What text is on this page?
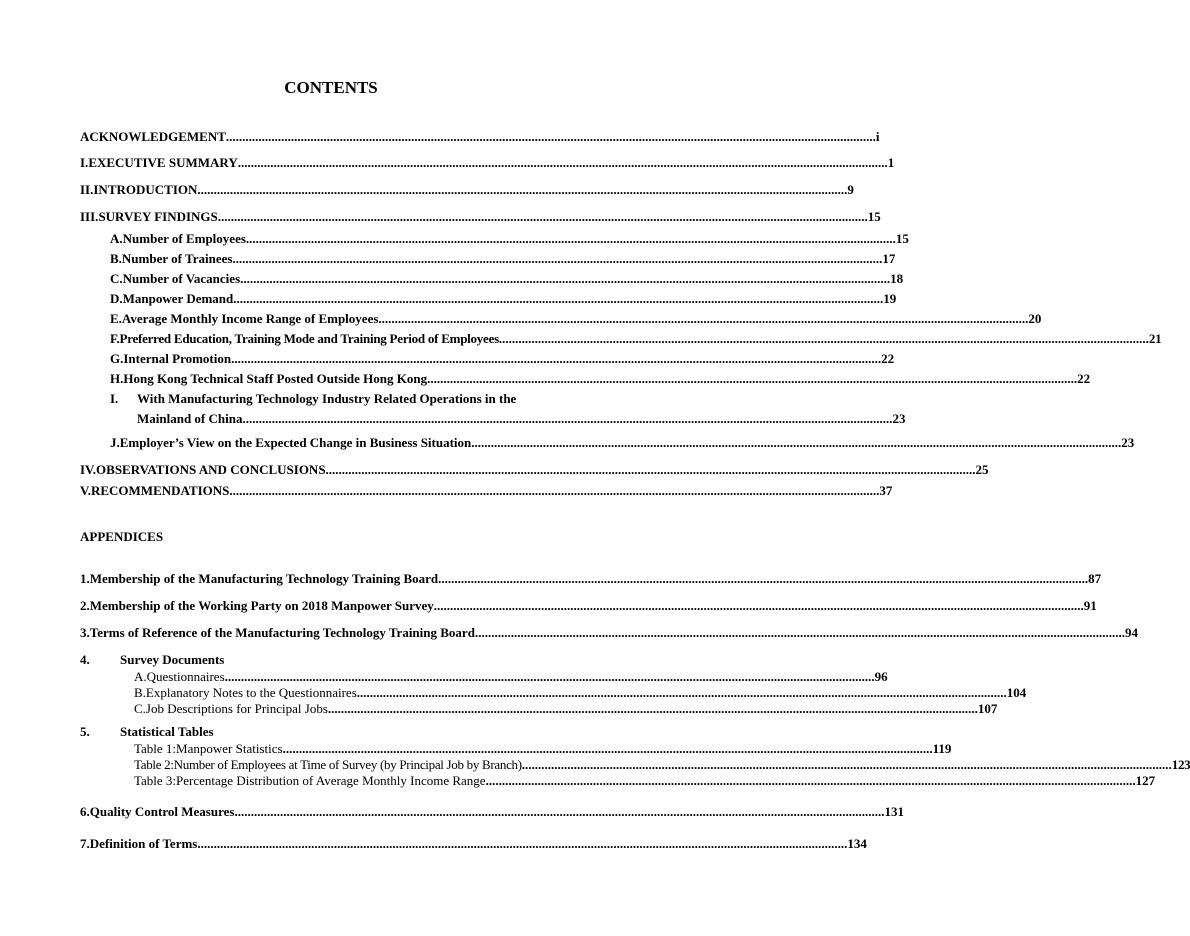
CONTENTS
ACKNOWLEDGEMENT ........................................................................................................................................................................................................ i
I. EXECUTIVE SUMMARY ........................................................................................................................................................................................................ 1
II. INTRODUCTION ........................................................................................................................................................................................................ 9
III. SURVEY FINDINGS ........................................................................................................................................................................................................ 15
A. Number of Employees ........................................................................................................................................................................................................ 15
B. Number of Trainees ........................................................................................................................................................................................................ 17
C. Number of Vacancies ........................................................................................................................................................................................................ 18
D. Manpower Demand ........................................................................................................................................................................................................ 19
E. Average Monthly Income Range of Employees ........................................................................................................................................................................................................ 20
F. Preferred Education, Training Mode and Training Period of Employees ........................................................................................................................................................................................................ 21
G. Internal Promotion ........................................................................................................................................................................................................ 22
H. Hong Kong Technical Staff Posted Outside Hong Kong ........................................................................................................................................................................................................ 22
I. With Manufacturing Technology Industry Related Operations in the
Mainland of China ........................................................................................................................................................................................................ 23
J. Employer’s View on the Expected Change in Business Situation ........................................................................................................................................................................................................ 23
IV. OBSERVATIONS AND CONCLUSIONS ........................................................................................................................................................................................................ 25
V. RECOMMENDATIONS ........................................................................................................................................................................................................ 37
APPENDICES
1. Membership of the Manufacturing Technology Training Board ........................................................................................................................................................................................................ 87
2. Membership of the Working Party on 2018 Manpower Survey ........................................................................................................................................................................................................ 91
3. Terms of Reference of the Manufacturing Technology Training Board ........................................................................................................................................................................................................ 94
4. Survey Documents
A. Questionnaires ........................................................................................................................................................................................................ 96
B. Explanatory Notes to the Questionnaires ........................................................................................................................................................................................................ 104
C. Job Descriptions for Principal Jobs ........................................................................................................................................................................................................ 107
5. Statistical Tables
Table 1: Manpower Statistics ........................................................................................................................................................................................................ 119
Table 2: Number of Employees at Time of Survey (by Principal Job by Branch) ........................................................................................................................................................................................................ 123
Table 3: Percentage Distribution of Average Monthly Income Range ........................................................................................................................................................................................................ 127
6. Quality Control Measures ........................................................................................................................................................................................................ 131
7. Definition of Terms ........................................................................................................................................................................................................ 134
